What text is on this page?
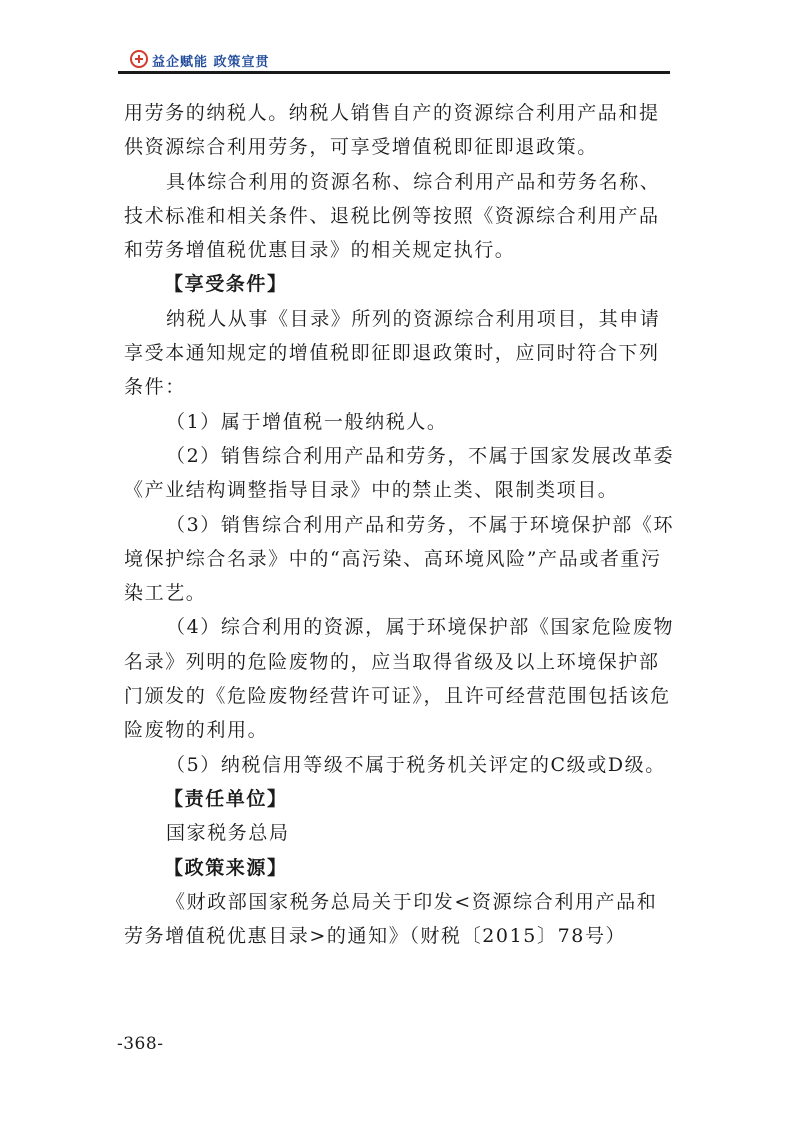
益企赋能 政策宣贯

用劳务的纳税人。纳税人销售自产的资源综合利用产品和提供资源综合利用劳务，可享受增值税即征即退政策。

具体综合利用的资源名称、综合利用产品和劳务名称、技术标准和相关条件、退税比例等按照《资源综合利用产品和劳务增值税优惠目录》的相关规定执行。

【享受条件】

纳税人从事《目录》所列的资源综合利用项目，其申请享受本通知规定的增值税即征即退政策时，应同时符合下列条件：

（1）属于增值税一般纳税人。

（2）销售综合利用产品和劳务，不属于国家发展改革委《产业结构调整指导目录》中的禁止类、限制类项目。

（3）销售综合利用产品和劳务，不属于环境保护部《环境保护综合名录》中的“高污染、高环境风险”产品或者重污染工艺。

（4）综合利用的资源，属于环境保护部《国家危险废物名录》列明的危险废物的，应当取得省级及以上环境保护部门颁发的《危险废物经营许可证》，且许可经营范围包括该危险废物的利用。

（5）纳税信用等级不属于税务机关评定的C级或D级。

【责任单位】

国家税务总局

【政策来源】

《财政部国家税务总局关于印发<资源综合利用产品和劳务增值税优惠目录>的通知》（财税〔2015〕78号）

-368-
